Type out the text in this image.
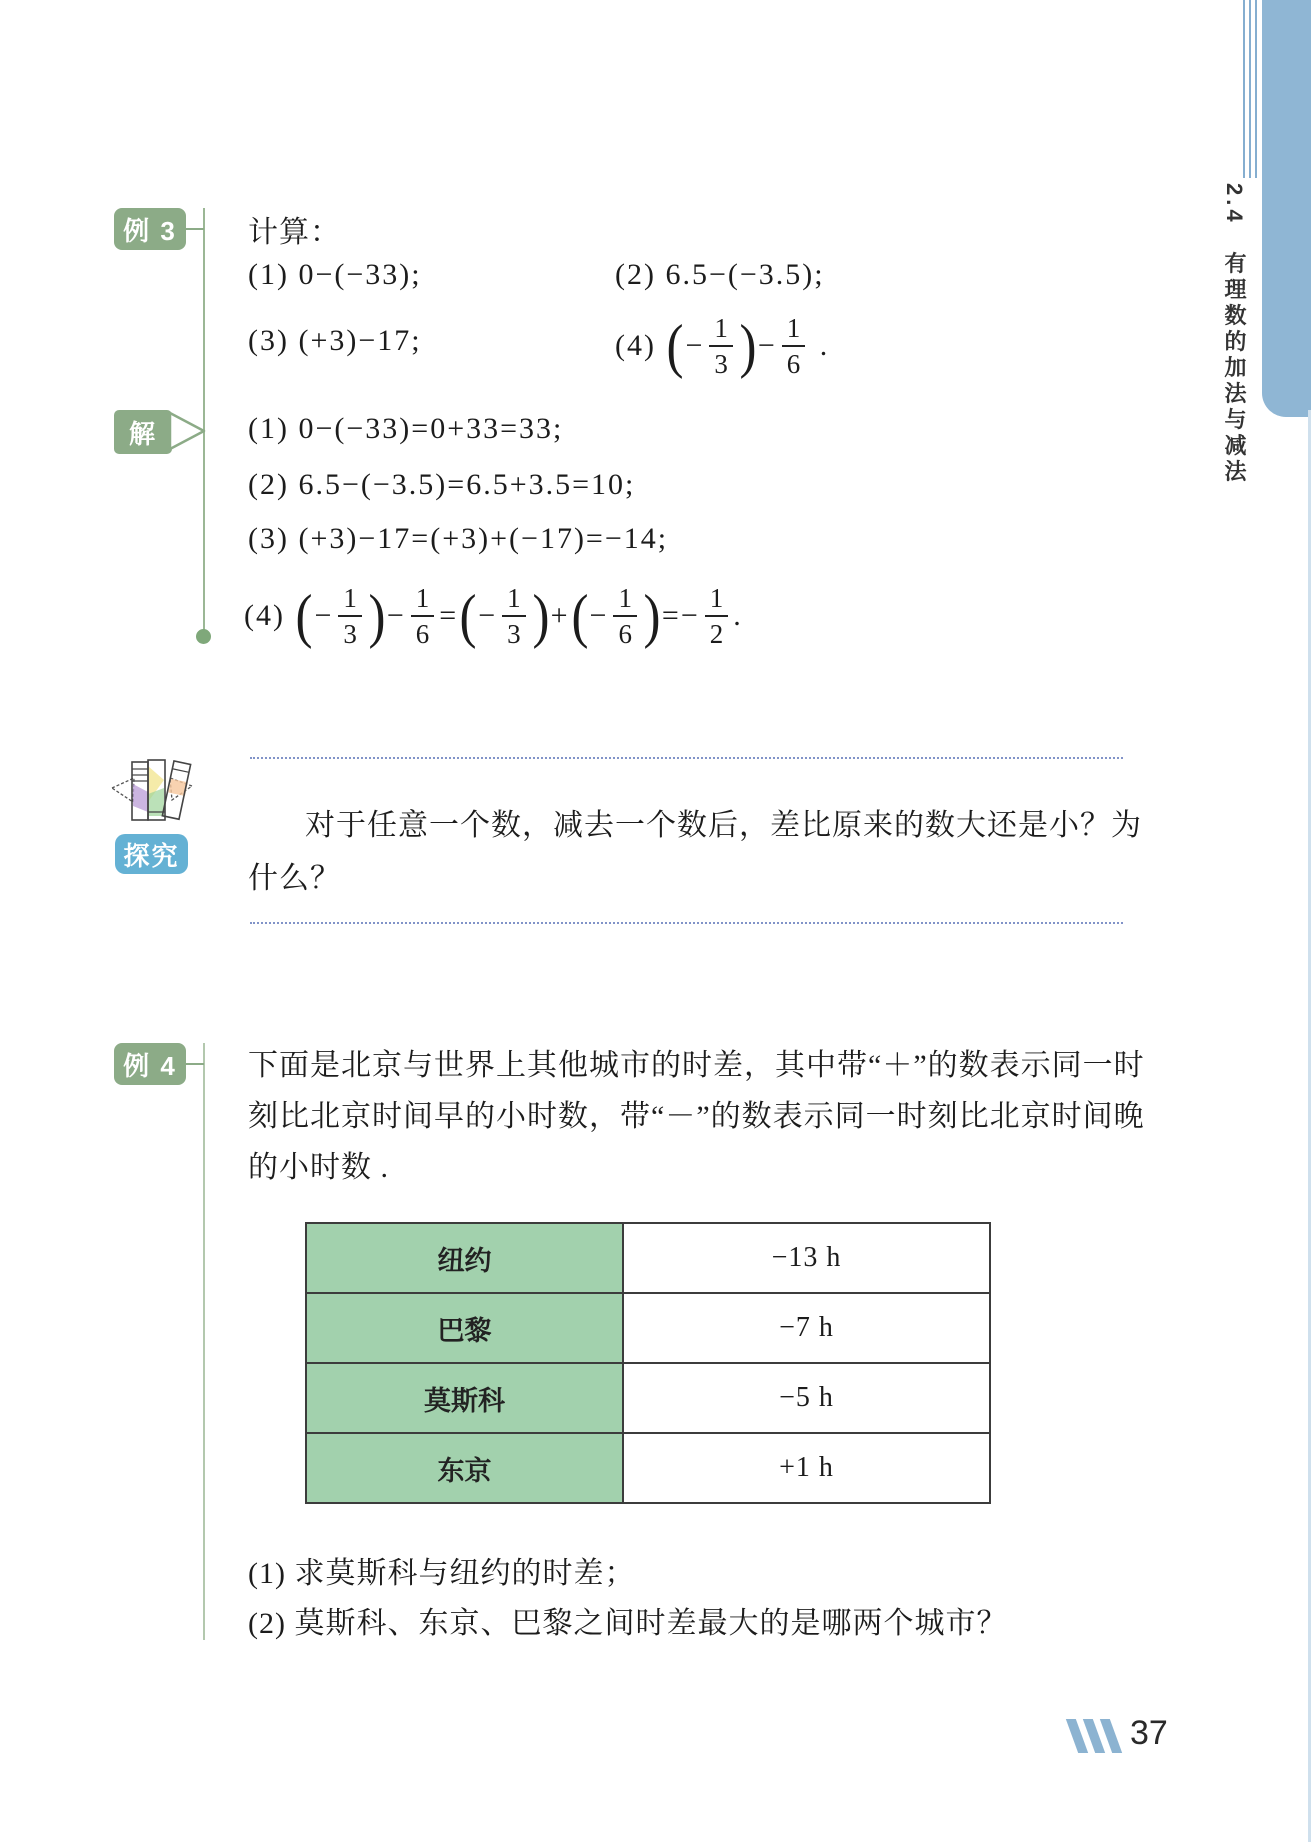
2.4　有理数的加法与减法
例 3	计算：
(1) 0−(−33);	(2) 6.5−(−3.5);
(3) (+3)−17;	(4) ( − $\frac{1}{3}$ ) − $\frac{1}{6}$ .
解	(1) 0−(−33)=0+33=33;
(2) 6.5−(−3.5)=6.5+3.5=10;
(3) (+3)−17=(+3)+(−17)=−14;
(4) ( − $\frac{1}{3}$ ) − $\frac{1}{6}$ = ( − $\frac{1}{3}$ ) + ( − $\frac{1}{6}$ ) =− $\frac{1}{2}$ .
探究
对于任意一个数，减去一个数后，差比原来的数大还是小？为
什么？
例 4	下面是北京与世界上其他城市的时差，其中带“＋”的数表示同一时
刻比北京时间早的小时数，带“－”的数表示同一时刻比北京时间晚
的小时数 .
纽约	−13 h
巴黎	−7 h
莫斯科	−5 h
东京	+1 h
(1) 求莫斯科与纽约的时差；
(2) 莫斯科、东京、巴黎之间时差最大的是哪两个城市？
37
